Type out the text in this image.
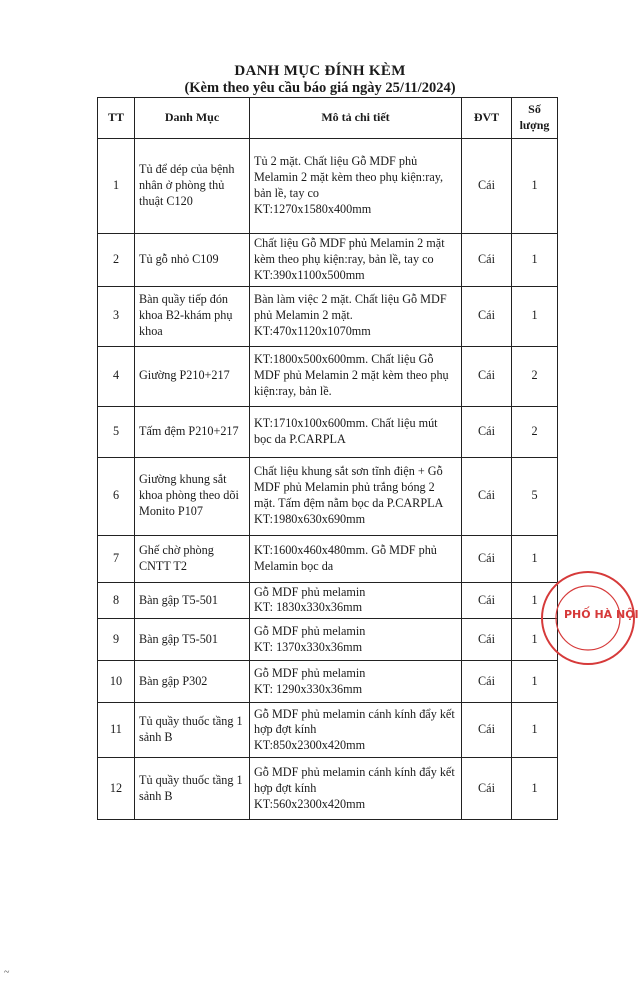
DANH MỤC ĐÍNH KÈM
(Kèm theo yêu cầu báo giá ngày 25/11/2024)
TT	Danh Mục	Mô tả chi tiết	ĐVT	Số lượng
1	Tủ để dép của bệnh nhân ở phòng thủ thuật C120	Tủ 2 mặt. Chất liệu Gỗ MDF phủ Melamin 2 mặt kèm theo phụ kiện:ray, bản lề, tay co
KT:1270x1580x400mm	Cái	1
2	Tủ gỗ nhỏ C109	Chất liệu Gỗ MDF phủ Melamin 2 mặt kèm theo phụ kiện:ray, bản lề, tay co
KT:390x1100x500mm	Cái	1
3	Bàn quầy tiếp đón khoa B2-khám phụ khoa	Bàn làm việc 2 mặt. Chất liệu Gỗ MDF phủ Melamin 2 mặt.
KT:470x1120x1070mm	Cái	1
4	Giường P210+217	KT:1800x500x600mm. Chất liệu Gỗ MDF phủ Melamin 2 mặt kèm theo phụ kiện:ray, bản lề.	Cái	2
5	Tấm đệm P210+217	KT:1710x100x600mm. Chất liệu mút bọc da P.CARPLA	Cái	2
6	Giường khung sắt khoa phòng theo dõi Monito P107	Chất liệu khung sắt sơn tĩnh điện + Gỗ MDF phủ Melamin phủ trắng bóng 2 mặt. Tấm đệm nằm bọc da P.CARPLA
KT:1980x630x690mm	Cái	5
7	Ghế chờ phòng CNTT T2	KT:1600x460x480mm. Gỗ MDF phủ Melamin bọc da	Cái	1
8	Bàn gập T5-501	Gỗ MDF phủ melamin
KT: 1830x330x36mm	Cái	1
9	Bàn gập T5-501	Gỗ MDF phủ melamin
KT: 1370x330x36mm	Cái	1
10	Bàn gập P302	Gỗ MDF phủ melamin
KT: 1290x330x36mm	Cái	1
11	Tủ quầy thuốc tầng 1 sảnh B	Gỗ MDF phủ melamin cánh kính đẩy kết hợp đợt kính
KT:850x2300x420mm	Cái	1
12	Tủ quầy thuốc tầng 1 sảnh B	Gỗ MDF phủ melamin cánh kính đẩy kết hợp đợt kính
KT:560x2300x420mm	Cái	1
PHỐ HÀ NỘI
~
